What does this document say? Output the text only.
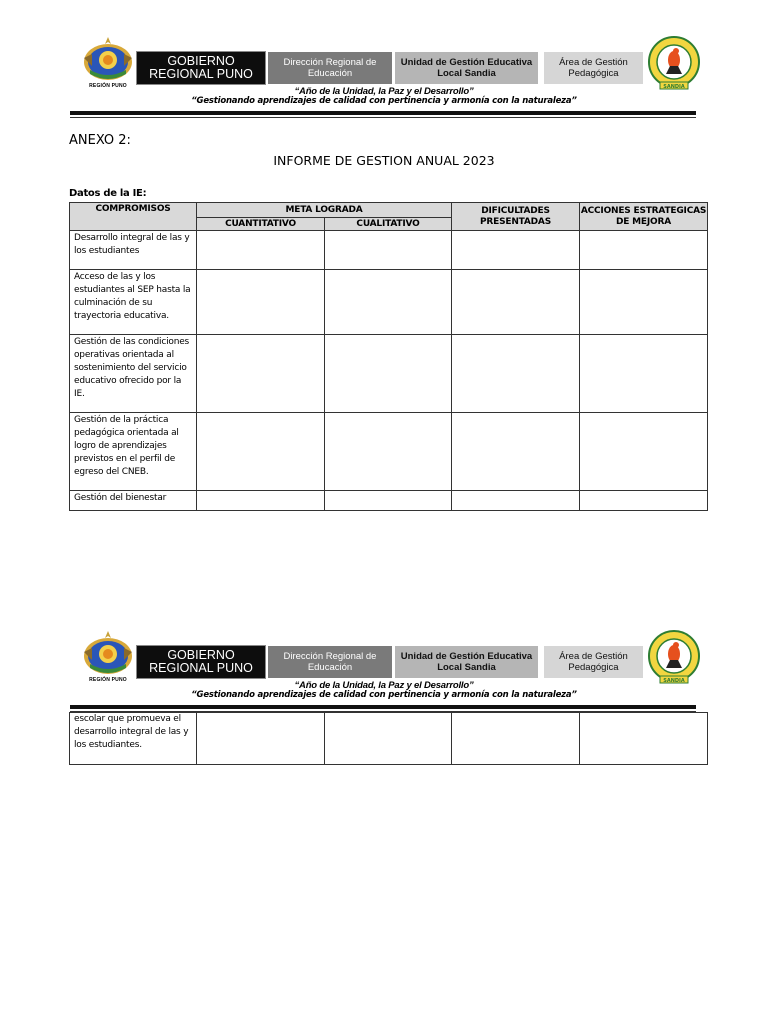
REGIÓN PUNO
GOBIERNO REGIONAL PUNO
Dirección Regional de Educación
Unidad de Gestión Educativa Local Sandia
Área de Gestión Pedagógica
SANDIA
“Año de la Unidad, la Paz y el Desarrollo”
“Gestionando aprendizajes de calidad con pertinencia y armonía con la naturaleza”
ANEXO 2:
INFORME DE GESTION ANUAL 2023
Datos de la IE:
COMPROMISOS	META LOGRADA		DIFICULTADES PRESENTADAS	ACCIONES ESTRATEGICAS DE MEJORA
	CUANTITATIVO	CUALITATIVO		

Desarrollo integral de las y los estudiantes				

Acceso de las y los estudiantes al SEP hasta la culminación de su trayectoria educativa.				

Gestión de las condiciones operativas orientada al sostenimiento del servicio educativo ofrecido por la IE.				

Gestión de la práctica pedagógica orientada al logro de aprendizajes previstos en el perfil de egreso del CNEB.				

Gestión del bienestar				

REGIÓN PUNO
GOBIERNO REGIONAL PUNO
Dirección Regional de Educación
Unidad de Gestión Educativa Local Sandia
Área de Gestión Pedagógica
SANDIA
“Año de la Unidad, la Paz y el Desarrollo”
“Gestionando aprendizajes de calidad con pertinencia y armonía con la naturaleza”
escolar que promueva el desarrollo integral de las y los estudiantes.
